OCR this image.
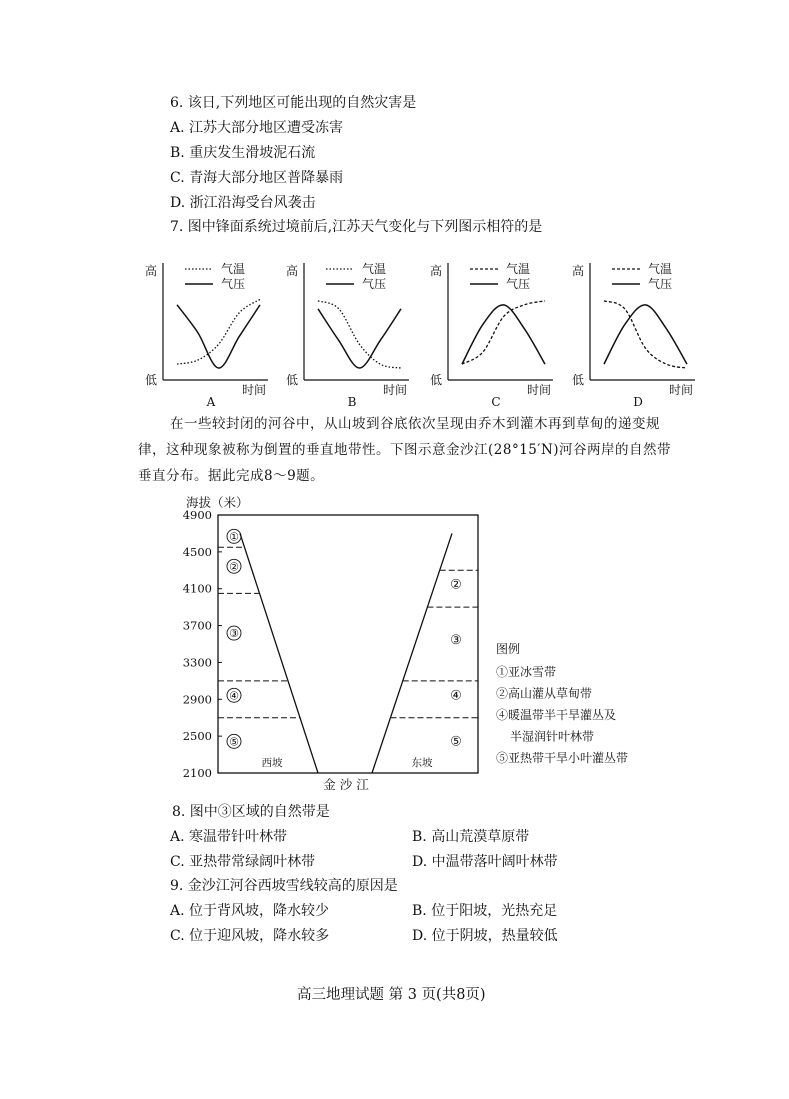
6. 该日,下列地区可能出现的自然灾害是
A. 江苏大部分地区遭受冻害
B. 重庆发生滑坡泥石流
C. 青海大部分地区普降暴雨
D. 浙江沿海受台风袭击
7. 图中锋面系统过境前后,江苏天气变化与下列图示相符的是
高
低
时间
A
气温
气压
高
低
时间
B
气温
气压
高
低
时间
C
气温
气压
高
低
时间
D
气温
气压
在一些较封闭的河谷中，从山坡到谷底依次呈现由乔木到灌木再到草甸的递变规
律，这种现象被称为倒置的垂直地带性。下图示意金沙江(28°15′N)河谷两岸的自然带
垂直分布。据此完成8～9题。
海拔（米）
4900
4500
4100
3700
3300
2900
2500
2100
⑤
④
③
②
①
⑤
④
③
②
西坡	东坡
金 沙 江
图例
①亚冰雪带
②高山灌从草甸带
④暖温带半干旱灌丛及
半湿润针叶林带
⑤亚热带干旱小叶灌丛带
8. 图中③区域的自然带是
A. 寒温带针叶林带	B. 高山荒漠草原带
C. 亚热带常绿阔叶林带	D. 中温带落叶阔叶林带
9. 金沙江河谷西坡雪线较高的原因是
A. 位于背风坡，降水较少	B. 位于阳坡，光热充足
C. 位于迎风坡，降水较多	D. 位于阴坡，热量较低
高三地理试题 第 3 页(共8页)
